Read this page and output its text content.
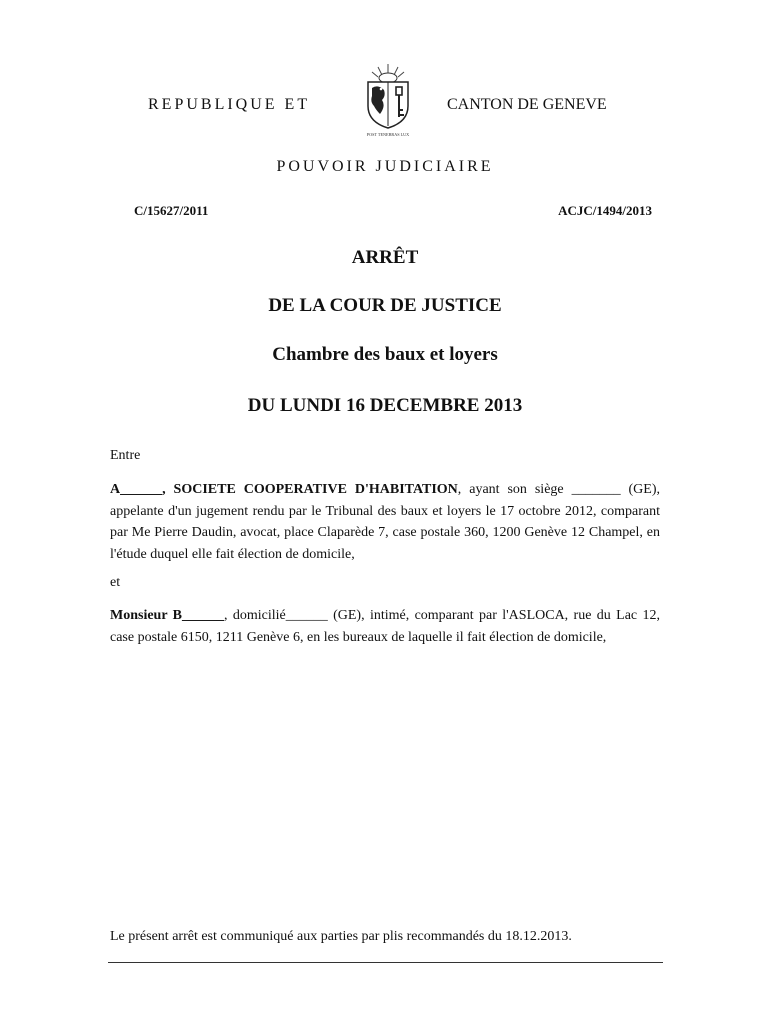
REPUBLIQUE ET
POST TENEBRAS LUX
CANTON DE GENEVE
POUVOIR JUDICIAIRE
C/15627/2011	ACJC/1494/2013
ARRÊT
DE LA COUR DE JUSTICE
Chambre des baux et loyers
DU LUNDI 16 DECEMBRE 2013
Entre
A______, SOCIETE COOPERATIVE D'HABITATION, ayant son siège _______ (GE), appelante d'un jugement rendu par le Tribunal des baux et loyers le 17 octobre 2012, comparant par Me Pierre Daudin, avocat, place Claparède 7, case postale 360, 1200 Genève 12 Champel, en l'étude duquel elle fait élection de domicile,
et
Monsieur B______, domicilié______ (GE), intimé, comparant par l'ASLOCA, rue du Lac 12, case postale 6150, 1211 Genève 6, en les bureaux de laquelle il fait élection de domicile,
Le présent arrêt est communiqué aux parties par plis recommandés du 18.12.2013.
